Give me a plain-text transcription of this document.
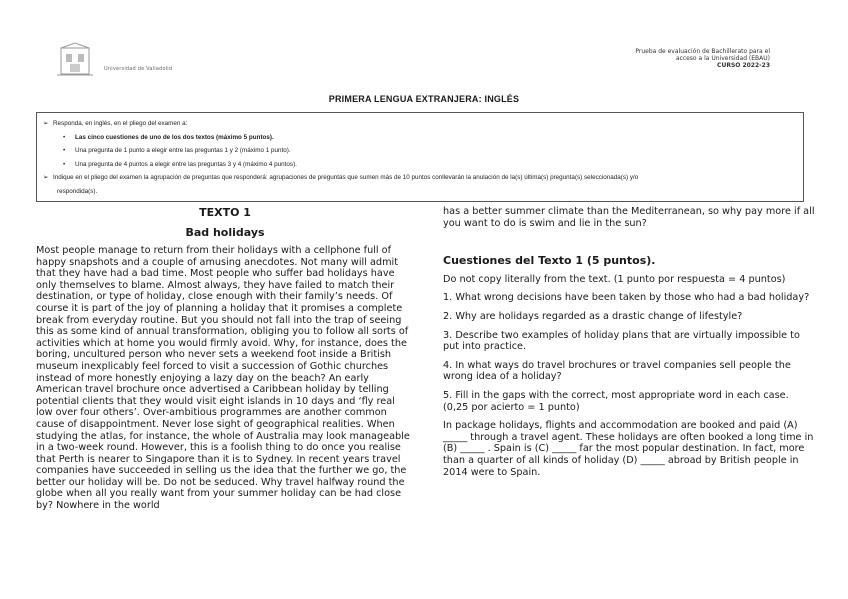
Universidad de Valladolid
Prueba de evaluación de Bachillerato para el
acceso a la Universidad (EBAU)
CURSO 2022-23
PRIMERA LENGUA EXTRANJERA: INGLÉS
➢ Responda, en inglés, en el pliego del examen a:
• Las cinco cuestiones de uno de los dos textos (máximo 5 puntos).
• Una pregunta de 1 punto a elegir entre las preguntas 1 y 2 (máximo 1 punto).
• Una pregunta de 4 puntos a elegir entre las preguntas 3 y 4 (máximo 4 puntos).
➢ Indique en el pliego del examen la agrupación de preguntas que responderá: agrupaciones de preguntas que sumen más de 10 puntos conllevarán la anulación de la(s) última(s) pregunta(s) seleccionada(s) y/o
respondida(s).
TEXTO 1
Bad holidays

Most people manage to return from their holidays with a cellphone full of happy snapshots and a couple of amusing anecdotes. Not many will admit that they have had a bad time. Most people who suffer bad holidays have only themselves to blame. Almost always, they have failed to match their destination, or type of holiday, close enough with their family’s needs. Of course it is part of the joy of planning a holiday that it promises a complete break from everyday routine. But you should not fall into the trap of seeing this as some kind of annual transformation, obliging you to follow all sorts of activities which at home you would firmly avoid. Why, for instance, does the boring, uncultured person who never sets a weekend foot inside a British museum inexplicably feel forced to visit a succession of Gothic churches instead of more honestly enjoying a lazy day on the beach? An early American travel brochure once advertised a Caribbean holiday by telling potential clients that they would visit eight islands in 10 days and ‘fly real low over four others’. Over-ambitious programmes are another common cause of disappointment. Never lose sight of geographical realities. When studying the atlas, for instance, the whole of Australia may look manageable in a two-week round. However, this is a foolish thing to do once you realise that Perth is nearer to Singapore than it is to Sydney. In recent years travel companies have succeeded in selling us the idea that the further we go, the better our holiday will be. Do not be seduced. Why travel halfway round the globe when all you really want from your summer holiday can be had close by? Nowhere in the world

has a better summer climate than the Mediterranean, so why pay more if all you want to do is swim and lie in the sun?

Cuestiones del Texto 1 (5 puntos).

Do not copy literally from the text. (1 punto por respuesta = 4 puntos)

1. What wrong decisions have been taken by those who had a bad holiday?

2. Why are holidays regarded as a drastic change of lifestyle?

3. Describe two examples of holiday plans that are virtually impossible to put into practice.

4. In what ways do travel brochures or travel companies sell people the wrong idea of a holiday?

5. Fill in the gaps with the correct, most appropriate word in each case. (0,25 por acierto = 1 punto)

In package holidays, flights and accommodation are booked and paid (A) _____ through a travel agent. These holidays are often booked a long time in (B) _____ . Spain is (C) _____ far the most popular destination. In fact, more than a quarter of all kinds of holiday (D) _____ abroad by British people in 2014 were to Spain.
